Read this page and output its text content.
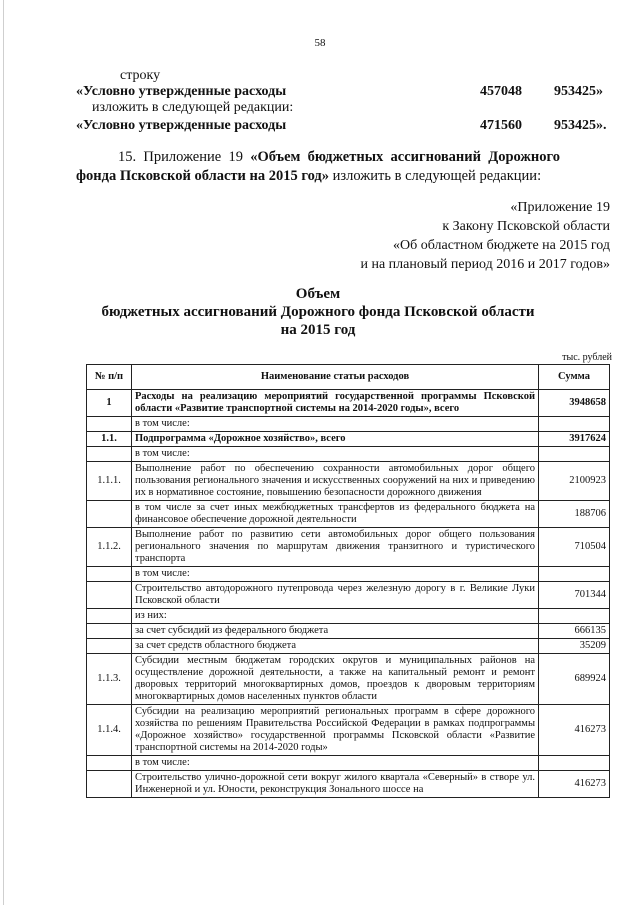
58
строку
«Условно утвержденные расходы	457048 953425»
изложить в следующей редакции:
«Условно утвержденные расходы	471560 953425».
15. Приложение 19 «Объем бюджетных ассигнований Дорожного фонда Псковской области на 2015 год» изложить в следующей редакции:
«Приложение 19
к Закону Псковской области
«Об областном бюджете на 2015 год
и на плановый период 2016 и 2017 годов»
Объем
бюджетных ассигнований Дорожного фонда Псковской области
на 2015 год
тыс. рублей
№ п/п	Наименование статьи расходов	Сумма
1	Расходы на реализацию мероприятий государственной программы Псковской области «Развитие транспортной системы на 2014-2020 годы», всего	3948658
	в том числе:	
1.1.	Подпрограмма «Дорожное хозяйство», всего	3917624
	в том числе:	
1.1.1.	Выполнение работ по обеспечению сохранности автомобильных дорог общего пользования регионального значения и искусственных сооружений на них и приведению их в нормативное состояние, повышению безопасности дорожного движения	2100923
	в том числе за счет иных межбюджетных трансфертов из федерального бюджета на финансовое обеспечение дорожной деятельности	188706
1.1.2.	Выполнение работ по развитию сети автомобильных дорог общего пользования регионального значения по маршрутам движения транзитного и туристического транспорта	710504
	в том числе:	
	Строительство автодорожного путепровода через железную дорогу в г. Великие Луки Псковской области	701344
	из них:	
	за счет субсидий из федерального бюджета	666135
	за счет средств областного бюджета	35209
1.1.3.	Субсидии местным бюджетам городских округов и муниципальных районов на осуществление дорожной деятельности, а также на капитальный ремонт и ремонт дворовых территорий многоквартирных домов, проездов к дворовым территориям многоквартирных домов населенных пунктов области	689924
1.1.4.	Субсидии на реализацию мероприятий региональных программ в сфере дорожного хозяйства по решениям Правительства Российской Федерации в рамках подпрограммы «Дорожное хозяйство» государственной программы Псковской области «Развитие транспортной системы на 2014-2020 годы»	416273
	в том числе:	
	Строительство улично-дорожной сети вокруг жилого квартала «Северный» в створе ул. Инженерной и ул. Юности, реконструкция Зонального шоссе на	416273
